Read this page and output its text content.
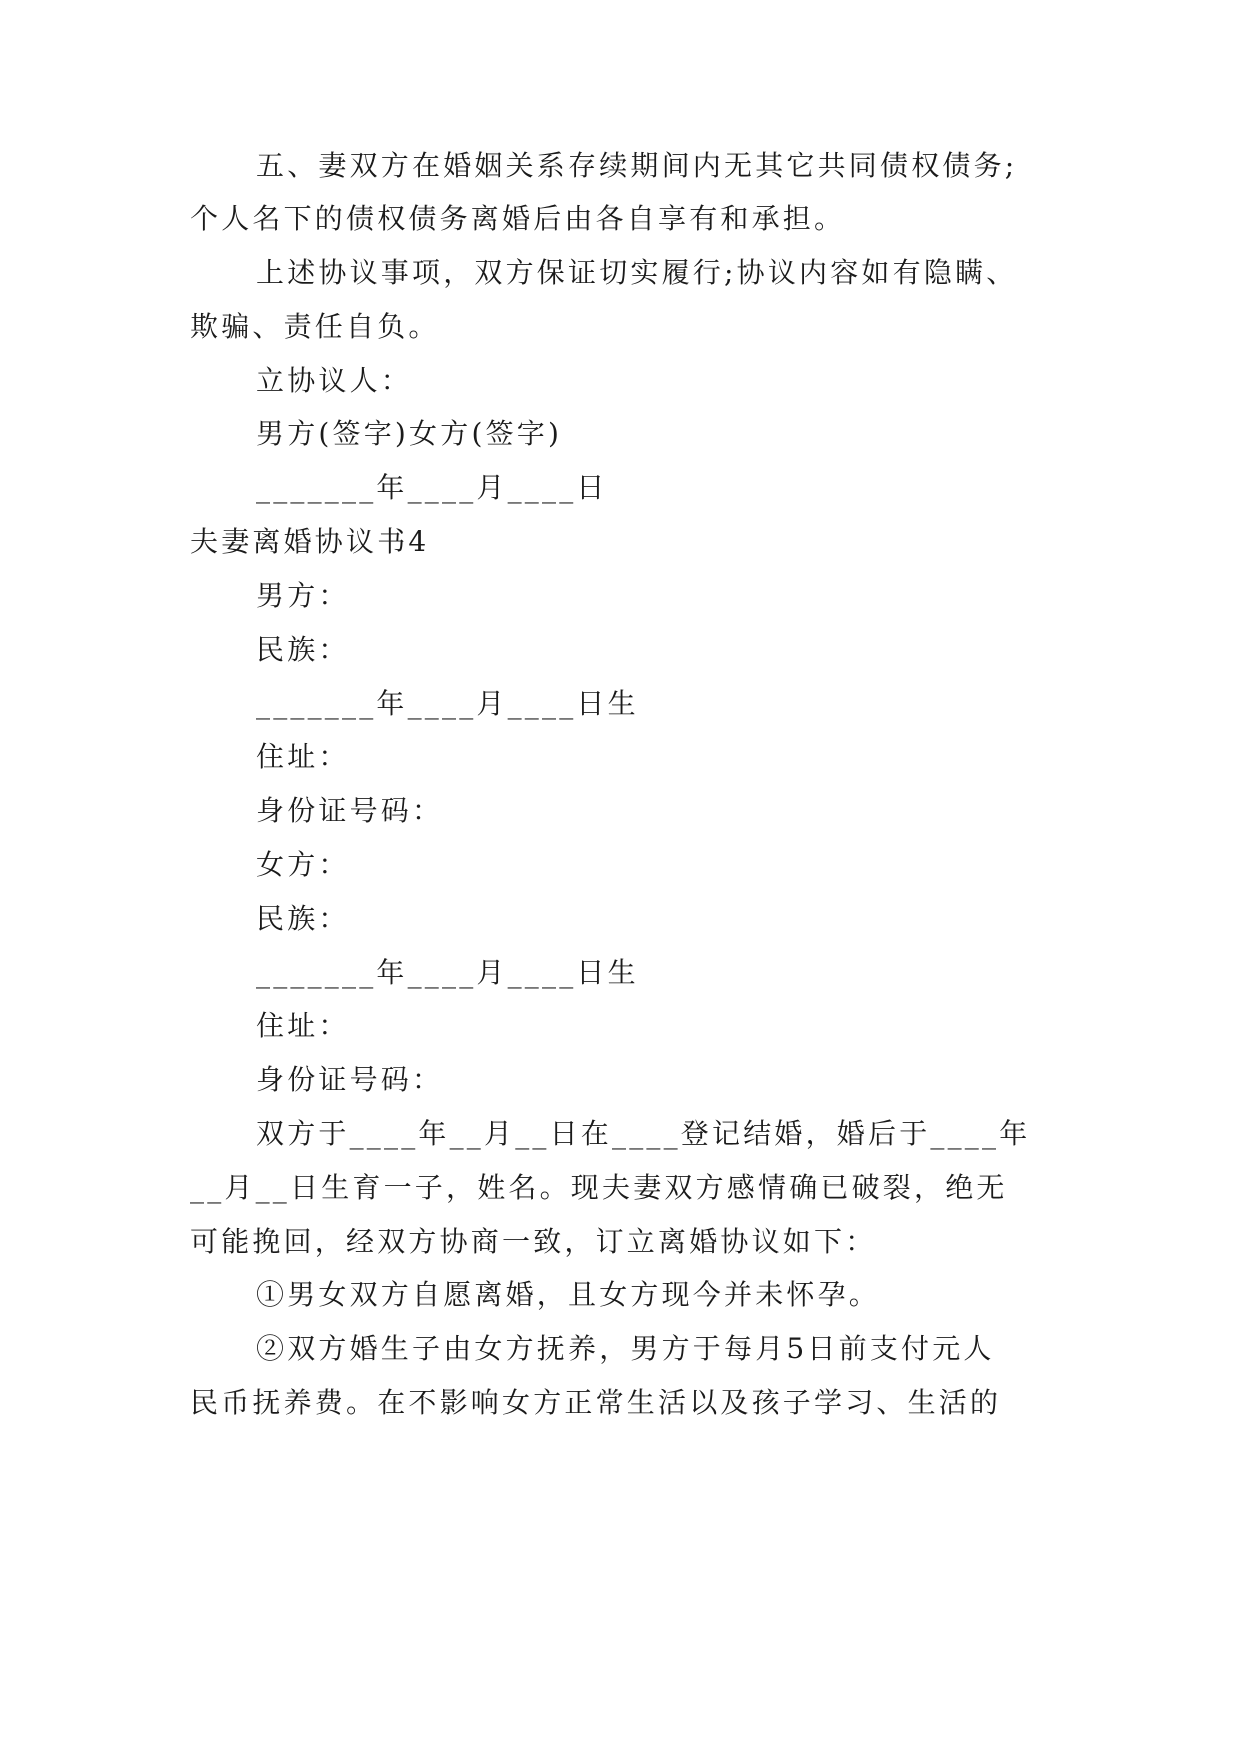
五、妻双方在婚姻关系存续期间内无其它共同债权债务;
个人名下的债权债务离婚后由各自享有和承担。
上述协议事项，双方保证切实履行;协议内容如有隐瞒、
欺骗、责任自负。
立协议人：
男方(签字)女方(签字)
_______年____月____日
夫妻离婚协议书4
男方：
民族：
_______年____月____日生
住址：
身份证号码：
女方：
民族：
_______年____月____日生
住址：
身份证号码：
双方于____年__月__日在____登记结婚，婚后于____年
__月__日生育一子，姓名。现夫妻双方感情确已破裂，绝无
可能挽回，经双方协商一致，订立离婚协议如下：
①男女双方自愿离婚，且女方现今并未怀孕。
②双方婚生子由女方抚养，男方于每月5日前支付元人
民币抚养费。在不影响女方正常生活以及孩子学习、生活的
